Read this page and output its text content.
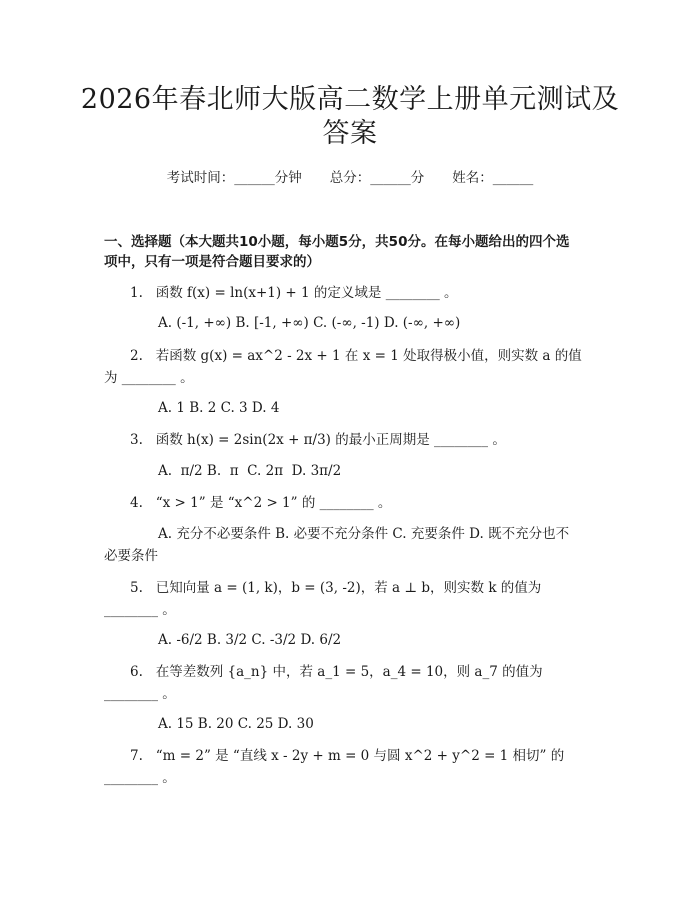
2026年春北师大版高二数学上册单元测试及
答案
考试时间：______分钟 总分：______分 姓名：______
一、选择题（本大题共10小题，每小题5分，共50分。在每小题给出的四个选
项中，只有一项是符合题目要求的）
1.   函数 f(x) = ln(x+1) + 1 的定义域是 ________ 。
A. (-1, +∞) B. [-1, +∞) C. (-∞, -1) D. (-∞, +∞)
2.   若函数 g(x) = ax^2 - 2x + 1 在 x = 1 处取得极小值，则实数 a 的值
为 ________ 。
A. 1 B. 2 C. 3 D. 4
3.   函数 h(x) = 2sin(2x + π/3) 的最小正周期是 ________ 。
A.  π/2 B.  π  C. 2π  D. 3π/2
4.   “x > 1” 是 “x^2 > 1” 的 ________ 。
A. 充分不必要条件 B. 必要不充分条件 C. 充要条件 D. 既不充分也不
必要条件
5.   已知向量 a = (1, k)，b = (3, -2)，若 a ⊥ b，则实数 k 的值为
________ 。
A. -6/2 B. 3/2 C. -3/2 D. 6/2
6.   在等差数列 {a_n} 中，若 a_1 = 5，a_4 = 10，则 a_7 的值为
________ 。
A. 15 B. 20 C. 25 D. 30
7.   “m = 2” 是 “直线 x - 2y + m = 0 与圆 x^2 + y^2 = 1 相切” 的
________ 。
